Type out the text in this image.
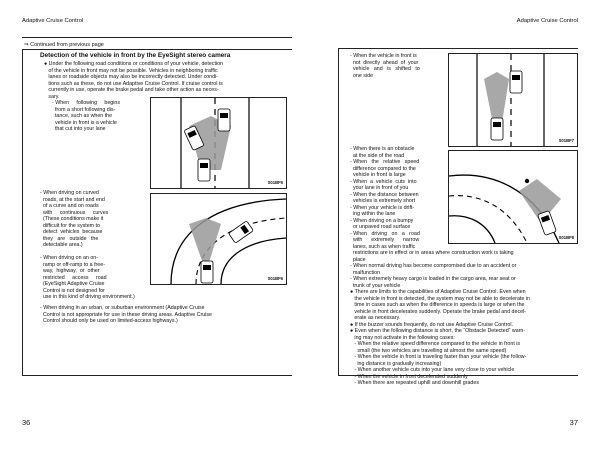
Adaptive Cruise Control	Adaptive Cruise Control
⇒ Continued from previous page
Detection of the vehicle in front by the EyeSight stereo camera
● Under the following road conditions or conditions of your vehicle, detection
of the vehicle in front may not be possible. Vehicles in neighboring traffic
lanes or roadside objects may also be incorrectly detected. Under condi-
tions such as these, do not use Adaptive Cruise Control. If cruise control is
currently in use, operate the brake pedal and take other action as neces-
sary.
- When     following     begins
from a short following dis-
tance, such as when the
vehicle in front is a vehicle
that cut into your lane
S01BF5
- When driving on curved
roads, at the start and end
of a curve and on roads
with     continuous     curves
(These conditions make it
difficult for the system to
detect  vehicles  because
they   are   outside   the
detectable area.)
S01BF6
- When driving on an on-
ramp or off-ramp to a free-
way,  highway,  or  other
restricted     access     road
(EyeSight Adaptive Cruise
Control is not designed for
use in this kind of driving environment.)
- When driving in an urban, or suburban environment (Adaptive Cruise
Control is not appropriate for use in these driving areas. Adaptive Cruise
Control should only be used on limited-access highways.)
- When the vehicle in front is
not  directly  ahead  of  your
vehicle   and   is   shifted   to
one side
S01BF7
- When there is an obstacle
at the side of the road
- When   the   relative   speed
difference compared to the
vehicle in front is large
- When  a  vehicle  cuts  into
your lane in front of you
- When the distance between
vehicles is extremely short
- When your vehicle is drift-
ing within the lane
- When driving on a bumpy
or unpaved road surface
- When   driving   on   a   road
with      extremely      narrow
lanes, such as when traffic
S01BF8
restrictions are in effect or in areas where construction work is taking
place
- When normal driving has become compromised due to an accident or
malfunction
- When extremely heavy cargo is loaded in the cargo area, rear seat or
trunk of your vehicle
● There are limits to the capabilities of Adaptive Cruise Control. Even when
the vehicle in front is detected, the system may not be able to decelerate in
time in cases such as when the difference in speeds is large or when the
vehicle in front decelerates suddenly. Operate the brake pedal and decel-
erate as necessary.
● If the buzzer sounds frequently, do not use Adaptive Cruise Control.
● Even when the following distance is short, the “Obstacle Detected” warn-
ing may not activate in the following cases:
- When the relative speed difference compared to the vehicle in front is
small (the two vehicles are travelling at almost the same speed)
- When the vehicle in front is traveling faster than your vehicle (the follow-
ing distance is gradually increasing)
- When another vehicle cuts into your lane very close to your vehicle
- When the vehicle in front decelerated suddenly
- When there are repeated uphill and downhill grades
36	37
